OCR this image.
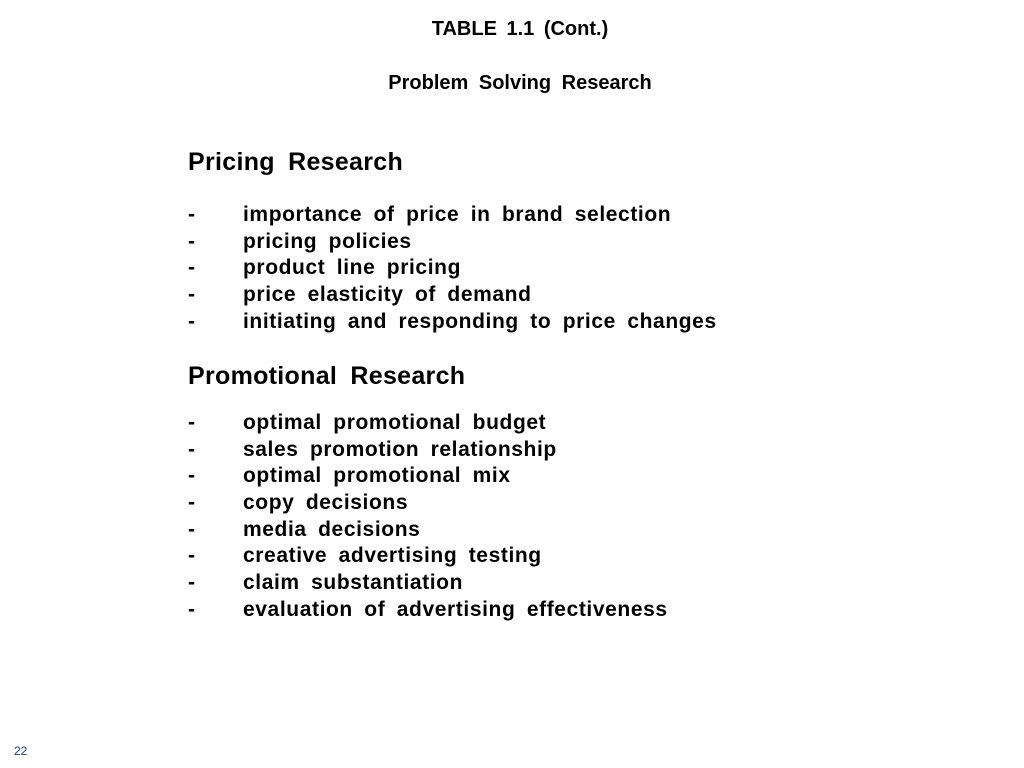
TABLE 1.1 (Cont.)
Problem Solving Research
Pricing Research
-	importance of price in brand selection
-	pricing policies
-	product line pricing
-	price elasticity of demand
-	initiating and responding to price changes
Promotional Research
-	optimal promotional budget
-	sales promotion relationship
-	optimal promotional mix
-	copy decisions
-	media decisions
-	creative advertising testing
-	claim substantiation
-	evaluation of advertising effectiveness
22
